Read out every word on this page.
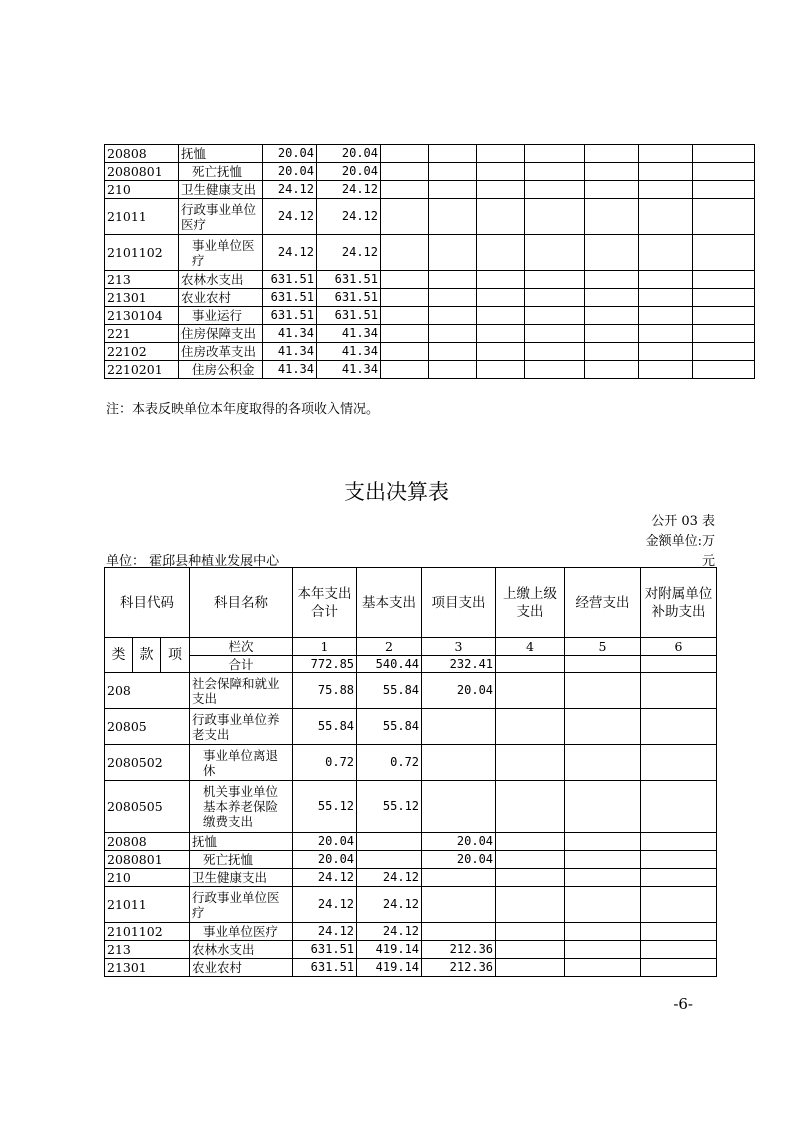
20808	抚恤	20.04	20.04							
2080801	死亡抚恤	20.04	20.04							
210	卫生健康支出	24.12	24.12							
21011	行政事业单位医疗	24.12	24.12							
2101102	事业单位医疗	24.12	24.12							
213	农林水支出	631.51	631.51							
21301	农业农村	631.51	631.51							
2130104	事业运行	631.51	631.51							
221	住房保障支出	41.34	41.34							
22102	住房改革支出	41.34	41.34							
2210201	住房公积金	41.34	41.34							
注：本表反映单位本年度取得的各项收入情况。
支出决算表
公开 03 表
金额单位:万
单位： 霍邱县种植业发展中心	元
科目代码			科目名称	本年支出合计	基本支出	项目支出	上缴上级支出	经营支出	对附属单位补助支出
类	款	项	栏次	1	2	3	4	5	6
			合计	772.85	540.44	232.41			
208			社会保障和就业支出	75.88	55.84	20.04			
20805			行政事业单位养老支出	55.84	55.84				
2080502			事业单位离退休	0.72	0.72				
2080505			机关事业单位基本养老保险缴费支出	55.12	55.12				
20808			抚恤	20.04		20.04			
2080801			死亡抚恤	20.04		20.04			
210			卫生健康支出	24.12	24.12				
21011			行政事业单位医疗	24.12	24.12				
2101102			事业单位医疗	24.12	24.12				
213			农林水支出	631.51	419.14	212.36			
21301			农业农村	631.51	419.14	212.36			
-6-
